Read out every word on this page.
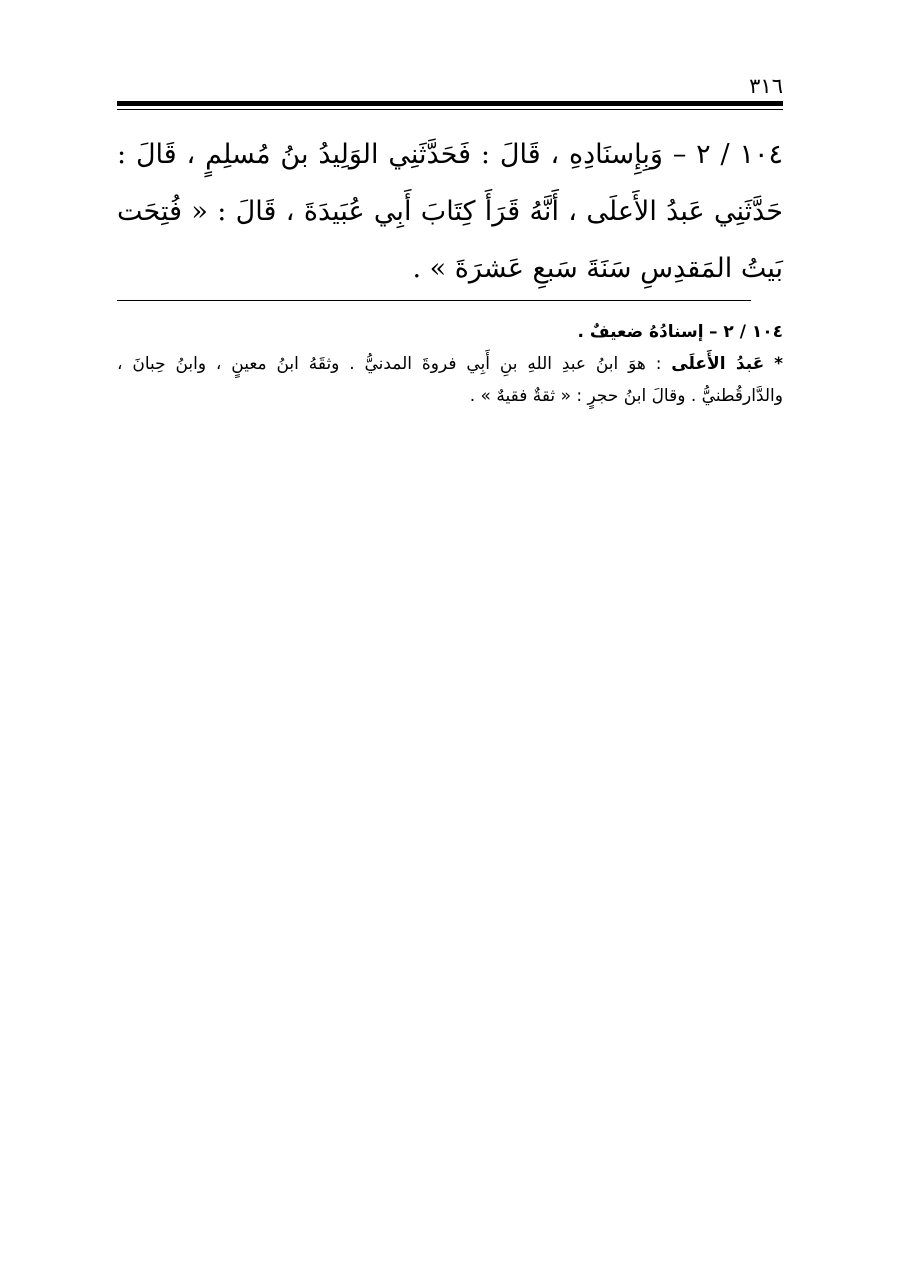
٣١٦
١٠٤ / ٢ – وَبِإِسنَادِهِ ، قَالَ : فَحَدَّثَنِي الوَلِيدُ بنُ مُسلِمٍ ، قَالَ : حَدَّثَنِي عَبدُ الأَعلَى ، أَنَّهُ قَرَأَ كِتَابَ أَبِي عُبَيدَةَ ، قَالَ : « فُتِحَت بَيتُ المَقدِسِ سَنَةَ سَبعِ عَشرَةَ » .

١٠٤ / ٢ – إسنادُهُ ضعيفٌ .

* عَبدُ الأَعلَى : هوَ ابنُ عبدِ اللهِ بنِ أَبِي فروةَ المدنيُّ . وثقَهُ ابنُ معينٍ ، وابنُ حِبانَ ، والدَّارقُطنيُّ . وقالَ ابنُ حجرٍ : « ثقةٌ فقيهٌ » .
